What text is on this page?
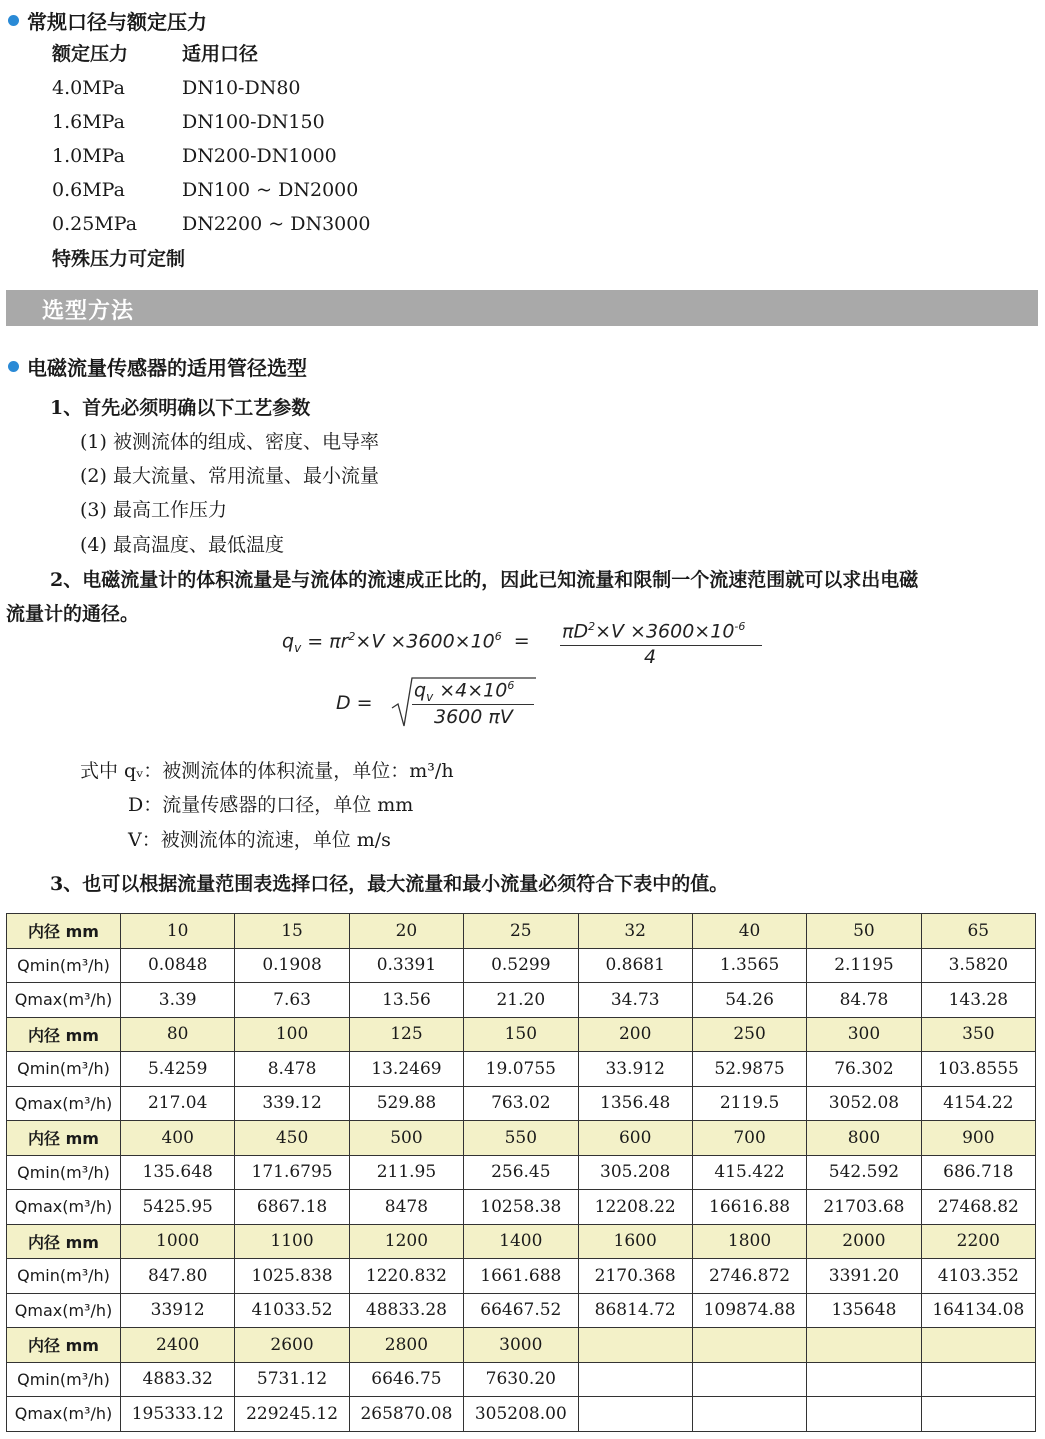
常规口径与额定压力
额定压力	适用口径
4.0MPa	DN10-DN80
1.6MPa	DN100-DN150
1.0MPa	DN200-DN1000
0.6MPa	DN100 ~ DN2000
0.25MPa DN2200 ~ DN3000
特殊压力可定制
选型方法
电磁流量传感器的适用管径选型
1、首先必须明确以下工艺参数
(1) 被测流体的组成、密度、电导率
(2) 最大流量、常用流量、最小流量
(3) 最高工作压力
(4) 最高温度、最低温度
2、电磁流量计的体积流量是与流体的流速成正比的，因此已知流量和限制一个流速范围就可以求出电磁
流量计的通径。
$q_v = \pi r^2\times V \times 3600\times 10^6 = \pi D^2\times V \times 3600\times 10^{-6}$
4
D =
$q_v \times 4\times 10^6$
3600 πV
式中 qᵥ：被测流体的体积流量，单位：m³/h
D：流量传感器的口径，单位 mm
V：被测流体的流速，单位 m/s
3、也可以根据流量范围表选择口径，最大流量和最小流量必须符合下表中的值。
内径 mm	10	15	20	25	32	40	50	65
Qmin(m³/h)	0.0848	0.1908	0.3391	0.5299	0.8681	1.3565	2.1195	3.5820
Qmax(m³/h)	3.39	7.63	13.56	21.20	34.73	54.26	84.78	143.28
内径 mm	80	100	125	150	200	250	300	350
Qmin(m³/h)	5.4259	8.478	13.2469	19.0755	33.912	52.9875	76.302	103.8555
Qmax(m³/h)	217.04	339.12	529.88	763.02	1356.48	2119.5	3052.08	4154.22
内径 mm	400	450	500	550	600	700	800	900
Qmin(m³/h)	135.648	171.6795	211.95	256.45	305.208	415.422	542.592	686.718
Qmax(m³/h)	5425.95	6867.18	8478	10258.38	12208.22	16616.88	21703.68	27468.82
内径 mm	1000	1100	1200	1400	1600	1800	2000	2200
Qmin(m³/h)	847.80	1025.838	1220.832	1661.688	2170.368	2746.872	3391.20	4103.352
Qmax(m³/h)	33912	41033.52	48833.28	66467.52	86814.72	109874.88	135648	164134.08
内径 mm	2400	2600	2800	3000				
Qmin(m³/h)	4883.32	5731.12	6646.75	7630.20				
Qmax(m³/h)	195333.12	229245.12	265870.08	305208.00				
